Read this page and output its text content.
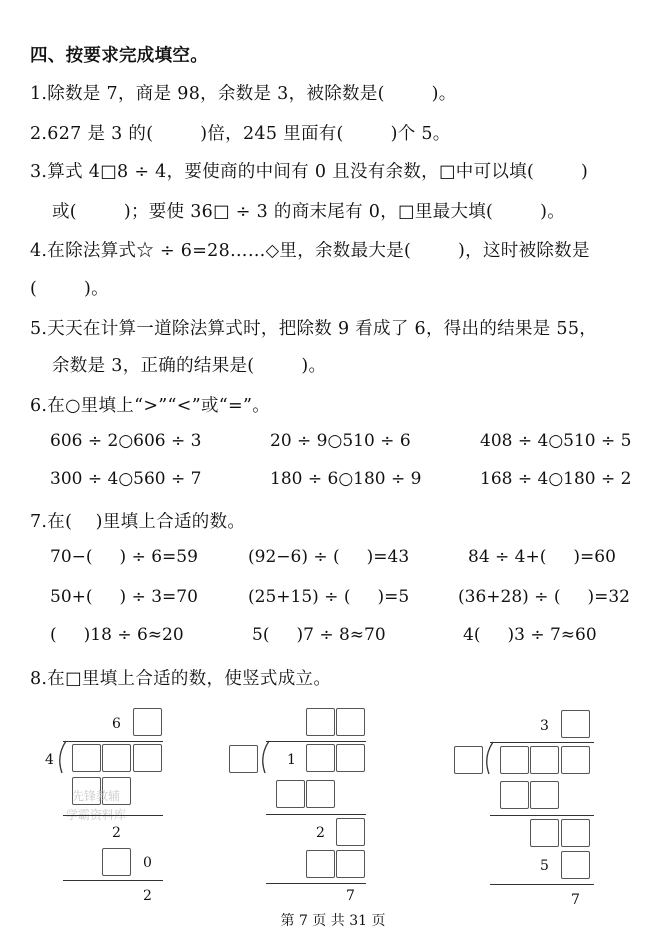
四、按要求完成填空。
1.除数是 7，商是 98，余数是 3，被除数是(        )。
2.627 是 3 的(        )倍，245 里面有(        )个 5。
3.算式 4□8 ÷ 4，要使商的中间有 0 且没有余数，□中可以填(        )
或(        )；要使 36□ ÷ 3 的商末尾有 0，□里最大填(        )。
4.在除法算式☆ ÷ 6=28……◇里，余数最大是(        )，这时被除数是
(        )。
5.天天在计算一道除法算式时，把除数 9 看成了 6，得出的结果是 55，
余数是 3，正确的结果是(        )。
6.在○里填上“>”“<”或“=”。
606 ÷ 2○606 ÷ 3	20 ÷ 9○510 ÷ 6	408 ÷ 4○510 ÷ 5
300 ÷ 4○560 ÷ 7	180 ÷ 6○180 ÷ 9	168 ÷ 4○180 ÷ 2
7.在(    )里填上合适的数。
70−(     ) ÷ 6=59	(92−6) ÷ (     )=43	84 ÷ 4+(     )=60
50+(     ) ÷ 3=70	(25+15) ÷ (     )=5	(36+28) ÷ (     )=32
(     )18 ÷ 6≈20	5(     )7 ÷ 8≈70	4(     )3 ÷ 7≈60
8.在□里填上合适的数，使竖式成立。
6
4
先锋教辅
学霸资料库
2
0
2
1
2
7
3
5
7
第 7 页 共 31 页
